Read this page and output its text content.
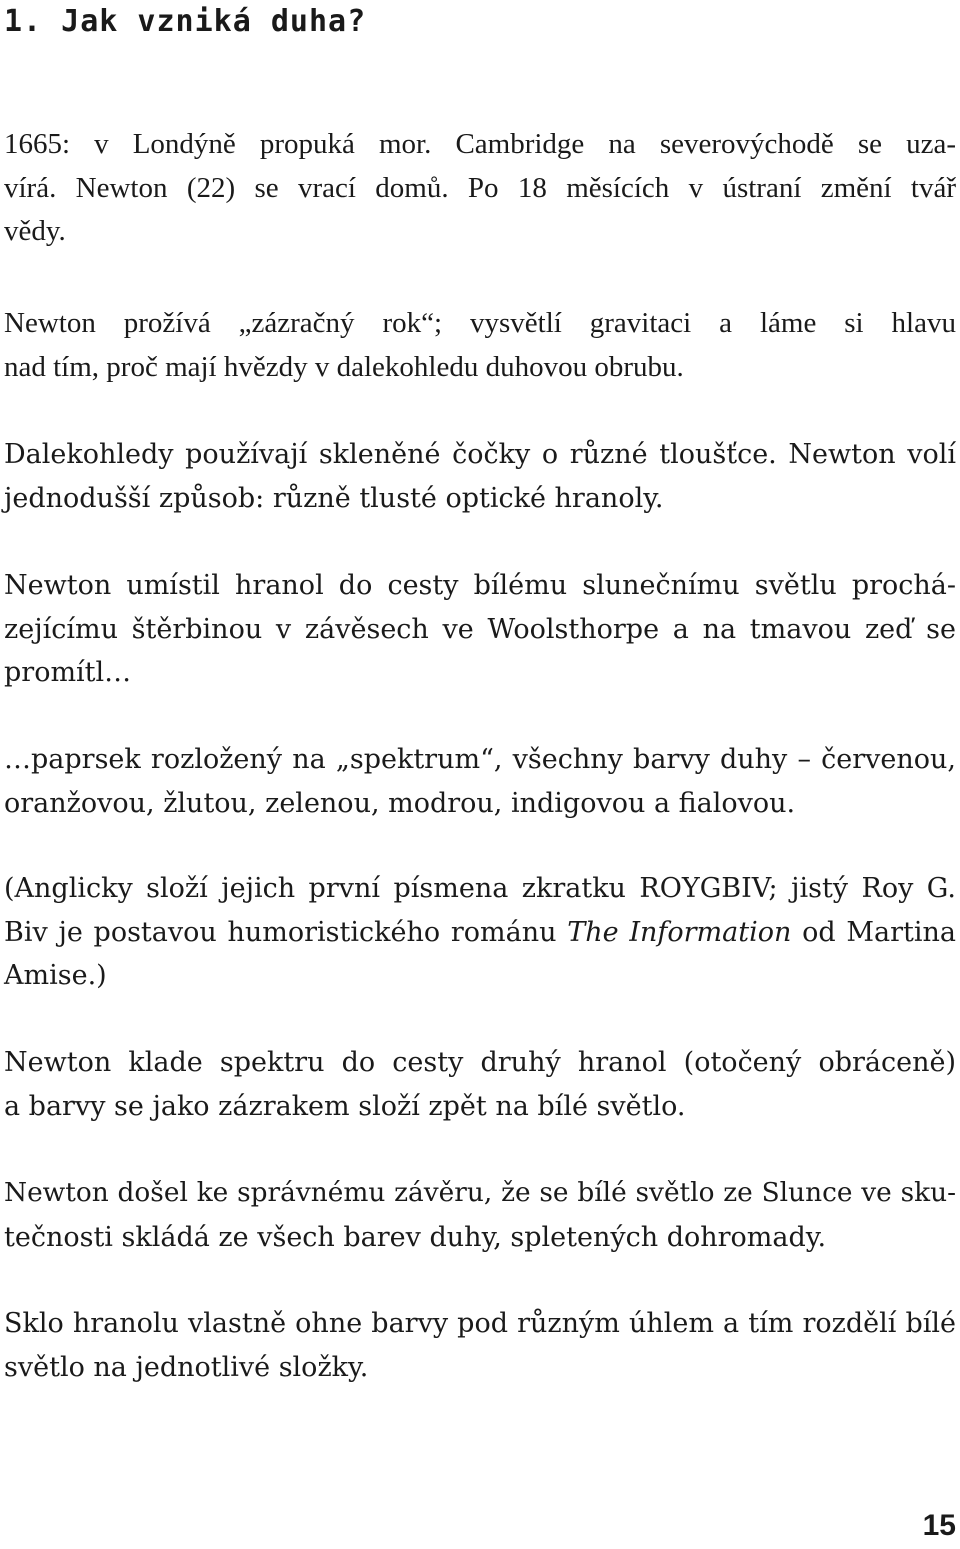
1. Jak vzniká duha?

1665: v Londýně propuká mor. Cambridge na severovýchodě se uza-
vírá. Newton (22) se vrací domů. Po 18 měsících v ústraní změní tvář
vědy.

Newton prožívá „zázračný rok“; vysvětlí gravitaci a láme si hlavu
nad tím, proč mají hvězdy v dalekohledu duhovou obrubu.

Dalekohledy používají skleněné čočky o různé tloušťce. Newton volí
jednodušší způsob: různě tlusté optické hranoly.

Newton umístil hranol do cesty bílému slunečnímu světlu prochá-
zejícímu štěrbinou v závěsech ve Woolsthorpe a na tmavou zeď se
promítl…

…paprsek rozložený na „spektrum“, všechny barvy duhy – červenou,
oranžovou, žlutou, zelenou, modrou, indigovou a fialovou.

(Anglicky složí jejich první písmena zkratku ROYGBIV; jistý Roy G.
Biv je postavou humoristického románu The Information od Martina
Amise.)

Newton klade spektru do cesty druhý hranol (otočený obráceně)
a barvy se jako zázrakem složí zpět na bílé světlo.

Newton došel ke správnému závěru, že se bílé světlo ze Slunce ve sku-
tečnosti skládá ze všech barev duhy, spletených dohromady.

Sklo hranolu vlastně ohne barvy pod různým úhlem a tím rozdělí bílé
světlo na jednotlivé složky.

15
